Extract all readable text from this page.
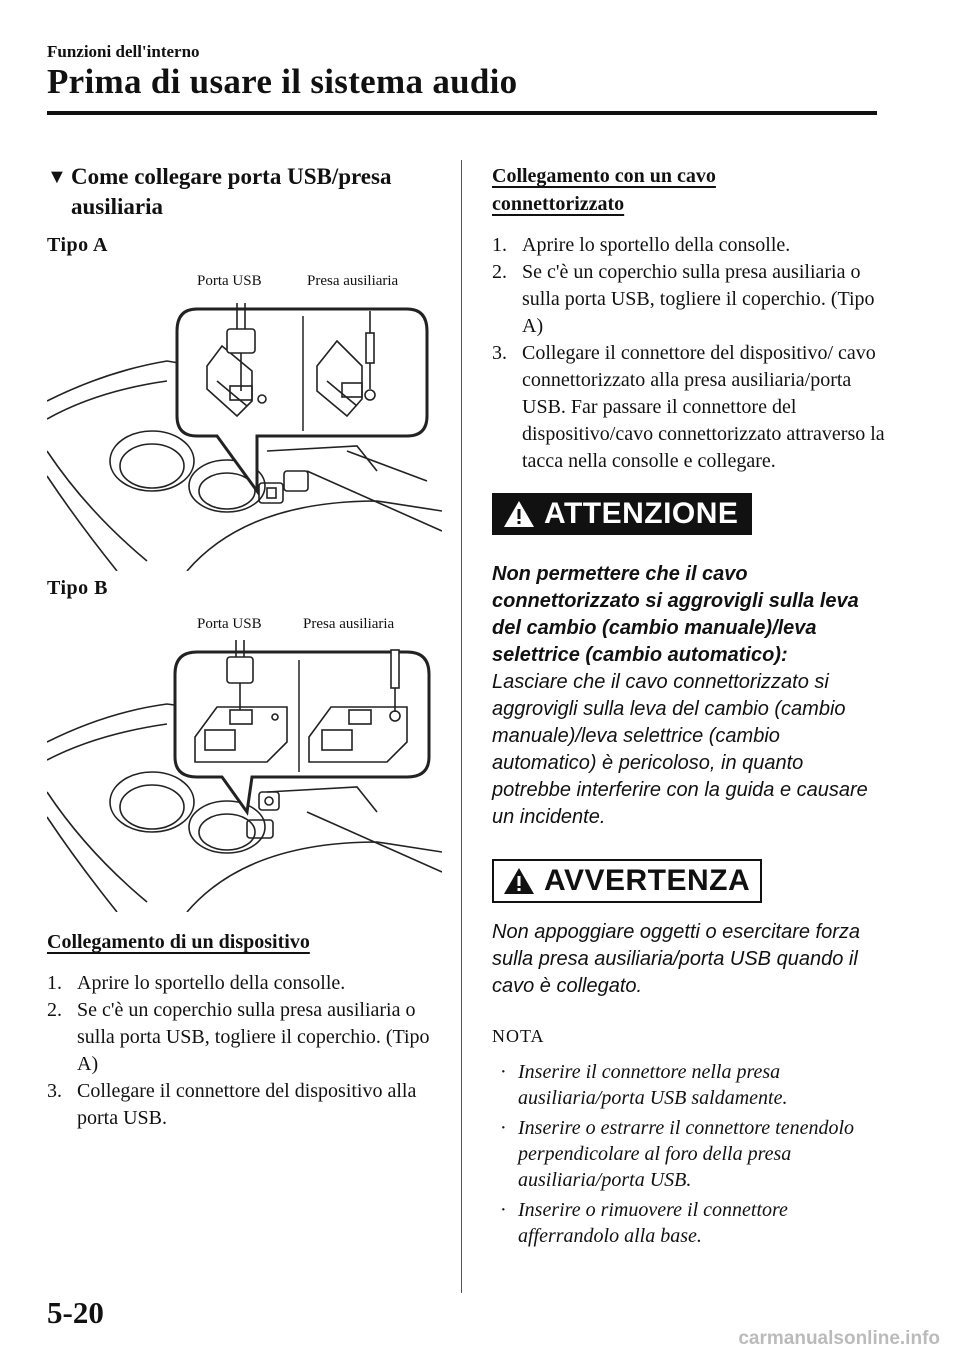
Funzioni dell'interno
Prima di usare il sistema audio
▼ Come collegare porta USB/presa
ausiliaria
Tipo A
Porta USB	Presa ausiliaria
Tipo B
Porta USB	Presa ausiliaria
Collegamento di un dispositivo
1. Aprire lo sportello della consolle.
2. Se c'è un coperchio sulla presa ausiliaria o sulla porta USB, togliere il coperchio. (Tipo A)
3. Collegare il connettore del dispositivo alla porta USB.
Collegamento con un cavo
connettorizzato
1. Aprire lo sportello della consolle.
2. Se c'è un coperchio sulla presa ausiliaria o sulla porta USB, togliere il coperchio. (Tipo A)
3. Collegare il connettore del dispositivo/ cavo connettorizzato alla presa ausiliaria/porta USB. Far passare il connettore del dispositivo/cavo connettorizzato attraverso la tacca nella consolle e collegare.
ATTENZIONE
Non permettere che il cavo connettorizzato si aggrovigli sulla leva del cambio (cambio manuale)/leva selettrice (cambio automatico):
Lasciare che il cavo connettorizzato si aggrovigli sulla leva del cambio (cambio manuale)/leva selettrice (cambio automatico) è pericoloso, in quanto potrebbe interferire con la guida e causare un incidente.
AVVERTENZA
Non appoggiare oggetti o esercitare forza sulla presa ausiliaria/porta USB quando il cavo è collegato.
NOTA
· Inserire il connettore nella presa ausiliaria/porta USB saldamente.
· Inserire o estrarre il connettore tenendolo perpendicolare al foro della presa ausiliaria/porta USB.
· Inserire o rimuovere il connettore afferrandolo alla base.
5-20
carmanualsonline.info
